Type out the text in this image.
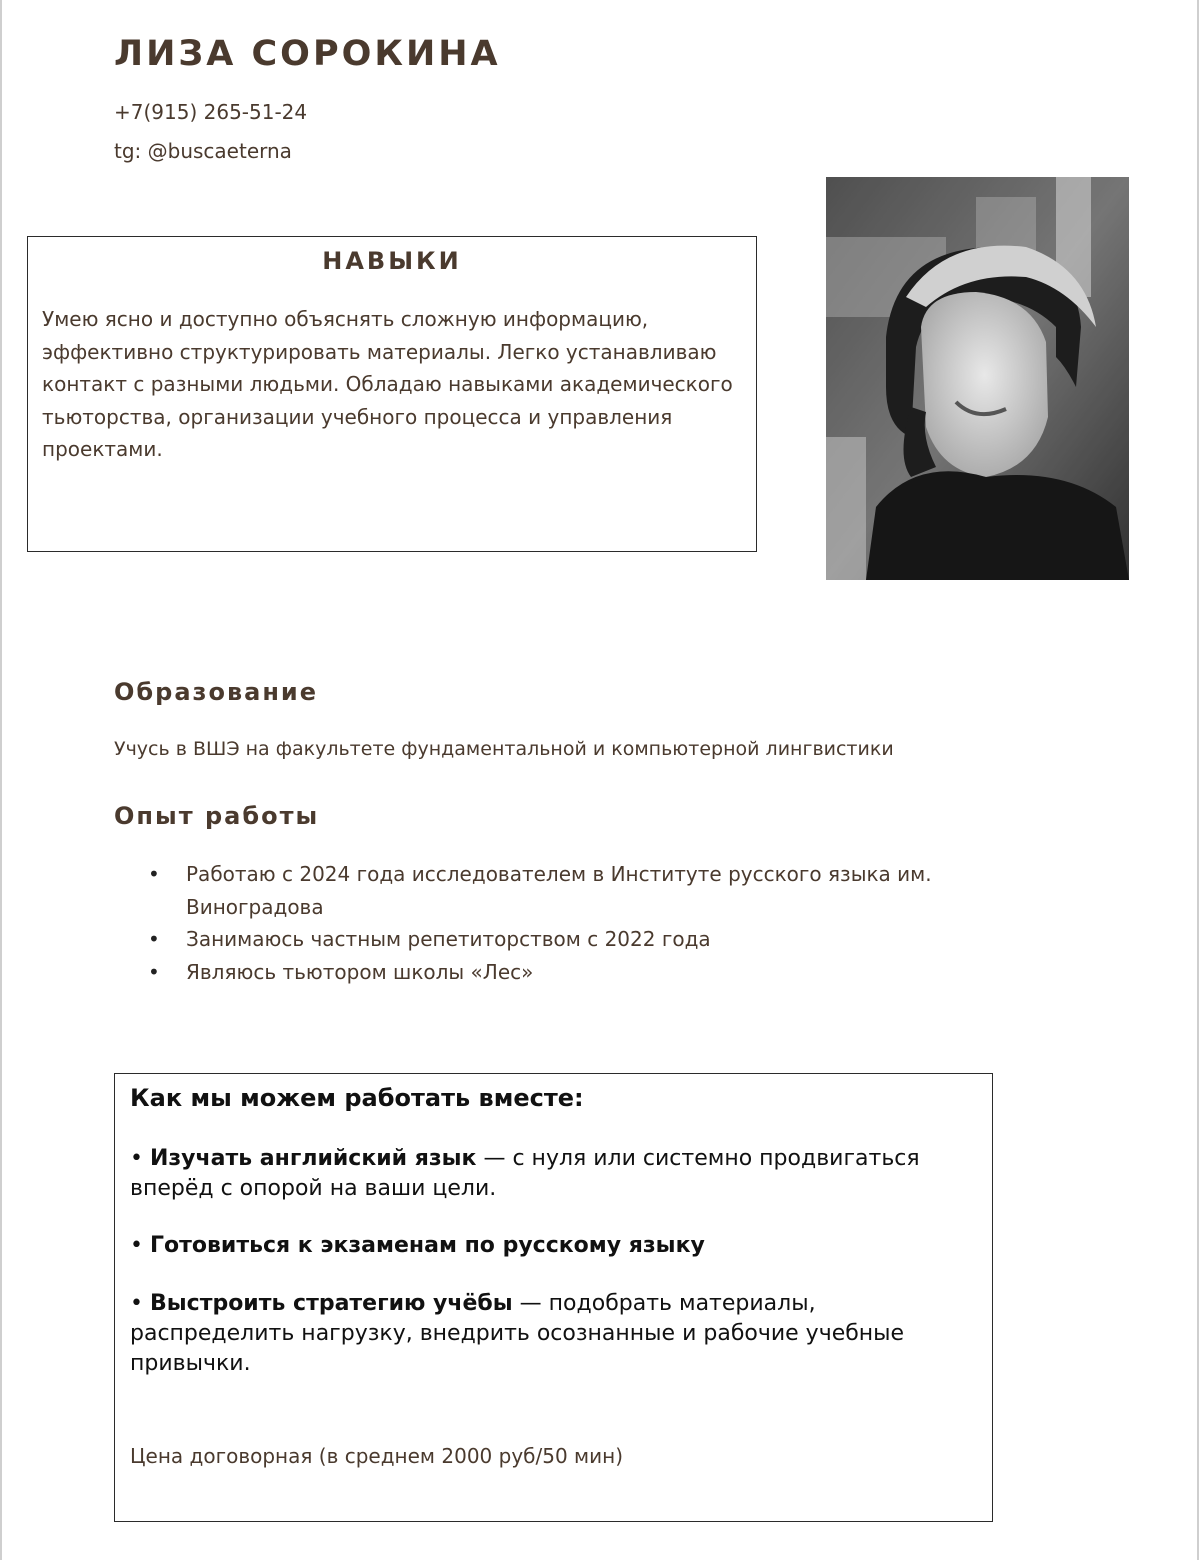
ЛИЗА СОРОКИНА
+7(915) 265-51-24
tg: @buscaeterna
НАВЫКИ
Умею ясно и доступно объяснять сложную информацию, эффективно структурировать материалы. Легко устанавливаю контакт с разными людьми. Обладаю навыками академического тьюторства, организации учебного процесса и управления проектами.
Образование
Учусь в ВШЭ на факультете фундаментальной и компьютерной лингвистики
Опыт работы
• Работаю с 2024 года исследователем в Институте русского языка им. Виноградова
• Занимаюсь частным репетиторством с 2022 года
• Являюсь тьютором школы «Лес»
Как мы можем работать вместе:
• Изучать английский язык — с нуля или системно продвигаться вперёд с опорой на ваши цели.
• Готовиться к экзаменам по русскому языку
• Выстроить стратегию учёбы — подобрать материалы, распределить нагрузку, внедрить осознанные и рабочие учебные привычки.
Цена договорная (в среднем 2000 руб/50 мин)
